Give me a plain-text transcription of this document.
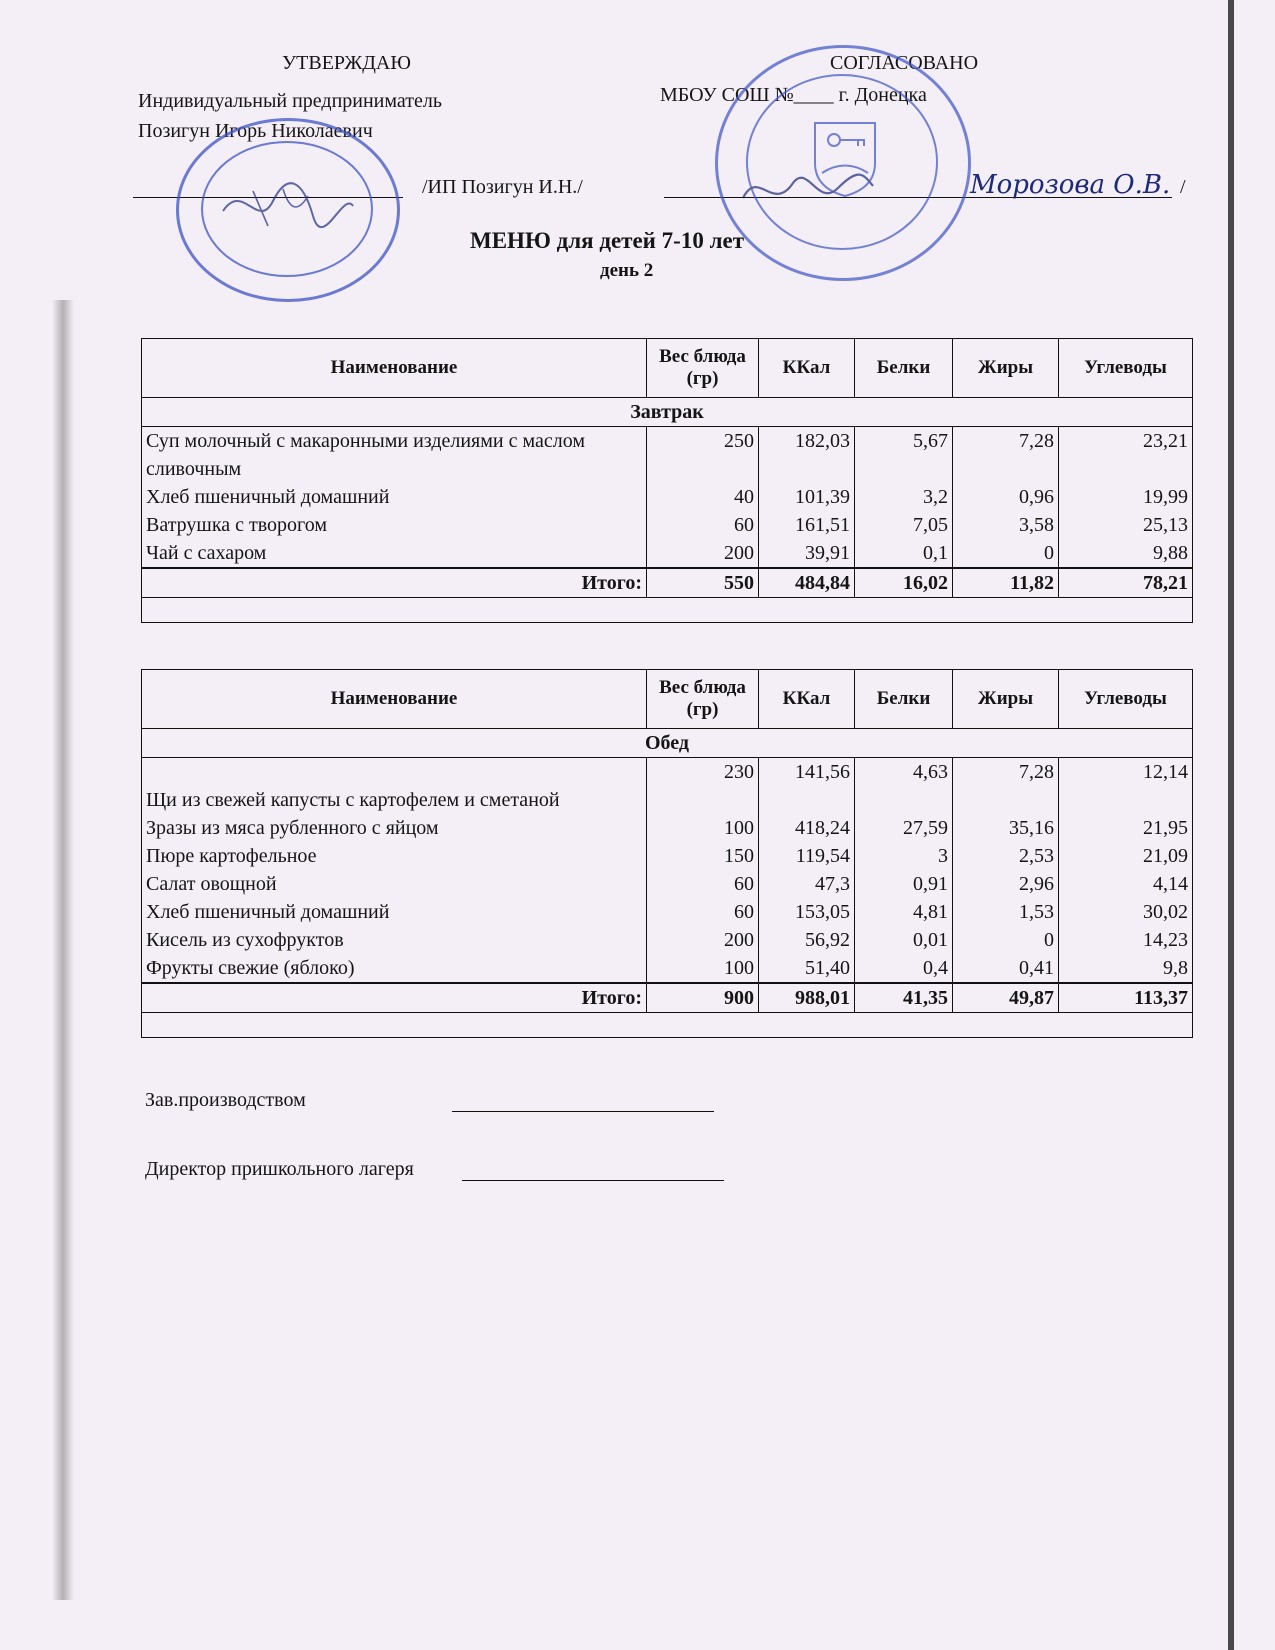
УТВЕРЖДАЮ
Индивидуальный предприниматель
Позигун Игорь Николаевич
/ИП Позигун И.Н./
СОГЛАСОВАНО
МБОУ СОШ №____ г. Донецка
Морозова О.В. /
МЕНЮ для детей 7-10 лет
день 2
Наименование	Вес блюда (гр)	ККал	Белки	Жиры	Углеводы
Завтрак					
Суп молочный с макаронными изделиями с маслом сливочным	250	182,03	5,67	7,28	23,21
Хлеб пшеничный домашний	40	101,39	3,2	0,96	19,99
Ватрушка с творогом	60	161,51	7,05	3,58	25,13
Чай с сахаром	200	39,91	0,1	0	9,88
Итого:	550	484,84	16,02	11,82	78,21

Наименование	Вес блюда (гр)	ККал	Белки	Жиры	Углеводы
Обед					
Щи из свежей капусты с картофелем и сметаной	230	141,56	4,63	7,28	12,14
Зразы из мяса рубленного с яйцом	100	418,24	27,59	35,16	21,95
Пюре картофельное	150	119,54	3	2,53	21,09
Салат овощной	60	47,3	0,91	2,96	4,14
Хлеб пшеничный домашний	60	153,05	4,81	1,53	30,02
Кисель из сухофруктов	200	56,92	0,01	0	14,23
Фрукты свежие (яблоко)	100	51,40	0,4	0,41	9,8
Итого:	900	988,01	41,35	49,87	113,37

Зав.производством
Директор пришкольного лагеря
